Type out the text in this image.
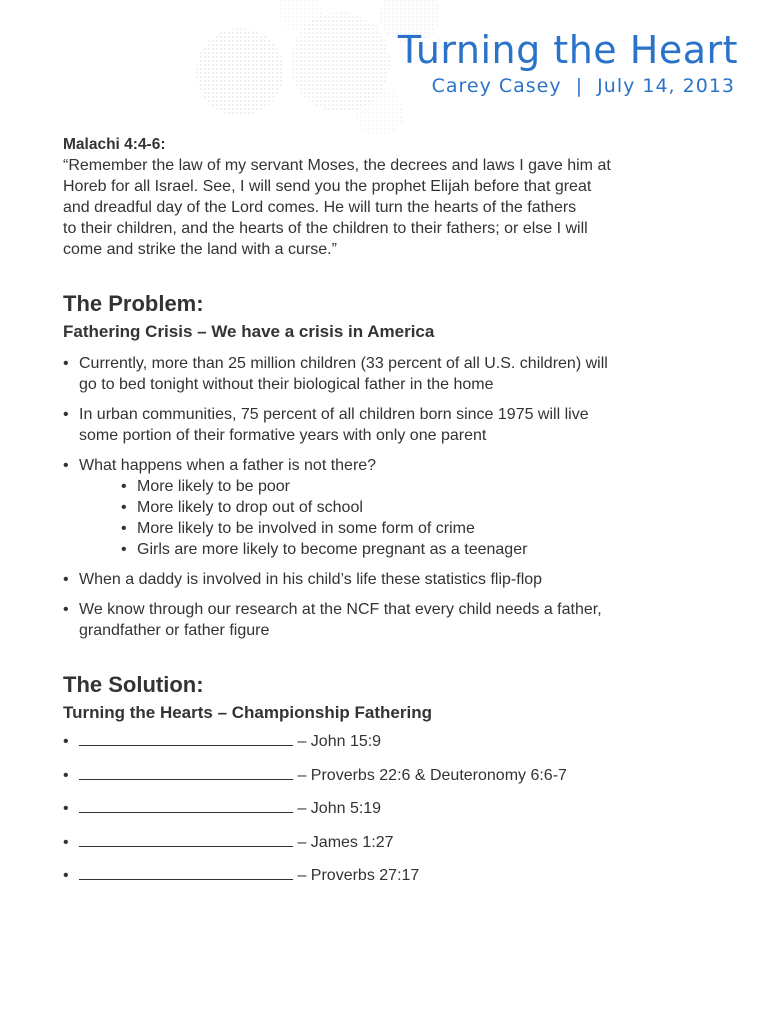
Turning the Heart

Carey Casey  |  July 14, 2013

Malachi 4:4-6:

“Remember the law of my servant Moses, the decrees and laws I gave him at
Horeb for all Israel. See, I will send you the prophet Elijah before that great
and dreadful day of the Lord comes. He will turn the hearts of the fathers
to their children, and the hearts of the children to their fathers; or else I will
come and strike the land with a curse.”

The Problem:
Fathering Crisis – We have a crisis in America
• Currently, more than 25 million children (33 percent of all U.S. children) will
go to bed tonight without their biological father in the home
• In urban communities, 75 percent of all children born since 1975 will live
some portion of their formative years with only one parent
• What happens when a father is not there?
• More likely to be poor
• More likely to drop out of school
• More likely to be involved in some form of crime
• Girls are more likely to become pregnant as a teenager
• When a daddy is involved in his child’s life these statistics flip-flop
• We know through our research at the NCF that every child needs a father,
grandfather or father figure
The Solution:
Turning the Hearts – Championship Fathering
• – John 15:9
• – Proverbs 22:6 & Deuteronomy 6:6-7
• – John 5:19
• – James 1:27
• – Proverbs 27:17
